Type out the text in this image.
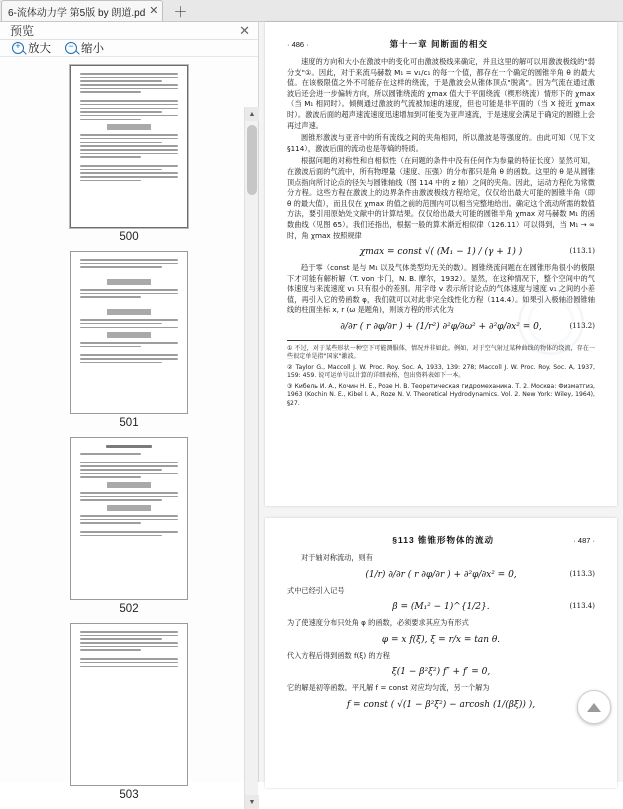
6-流体动力学 第5版 by 朗道.pd ✕ ＋
预览	✕
+ 放大 − 缩小
500
501
502
503
▲
▼
· 486 ·	第十一章 间断面的相交

速度的方向和大小在激波中的变化可由激波极线来确定，并且这里的解可以用激波极线的"弱分支"①。因此，对于来流马赫数 M₁ = v₁/c₁ 的每一个值，都存在一个确定的圆锥半角 θ 的最大值。在该极限值之外不可能存在这样的绕流，于是激波会从锥体顶点"脱离"。因为气流在通过激波后还会进一步偏转方向，所以圆锥绕流的 χmax 值大于平面绕流（楔形绕流）情形下的 χmax（当 M₁ 相同时）。倾侧通过激波的气流被加速的速度，但也可能是非平面的（当 X 接近 χmax 时）。激波后面的超声速流速度迅速增加到可能变为亚声速流，于是速度会满足于确定的圆锥上会再过声速。

圆锥形激波与亚音中的所有流线之间的夹角相同，所以激波是等强度的。由此可知（见下文 §114），激波后面的流动也是等熵的特质。

根据问题的对称性和自相似性（在问题的条件中没有任何作为参量的特征长度）显然可知，在激波后面的气流中，所有物理量（速度、压强）的分布都只是角 θ 的函数。这里的 θ 是从圆锥顶点指向所讨论点的径矢与圆锥轴线（图 114 中的 z 轴）之间的夹角。因此，运动方程化为常微分方程。这些方程在激波上的边界条件由激波极线方程给定，仅仅给出最大可能的圆锥半角（即 θ 的最大值），而且仅在 χmax 的值之前的范围内可以相当完整地给出。确定这个流动所需的数值方法，要引用原始处文献中的计算结果。仅仅给出最大可能的圆锥半角 χmax 对马赫数 M₁ 的函数曲线（见图 65）。我们还指出，根据一般的算术渐近相似律（126.11）可以得到，当 M₁ → ∞ 时，角 χmax 按照规律

χmax = const √( (M₁ − 1) / (γ + 1) )	(113.1)

趋于零（const 是与 M₁ 以及气体类型均无关的数）。圆锥绕流问题在在圆锥形角很小的极限下才可能有解析解（T. von 卡门，N. B. 摩尔，1932）。显然，在这种情况下，整个空间中的气体速度与来流速度 v₁ 只有很小的差别。用字母 v 表示所讨论点的气体速度与速度 v₁ 之间的小差值，再引入它的势函数 φ，我们就可以对此非完全线性化方程（114.4）。如果引入极轴沿圆锥轴线的柱面坐标 x, r (ω 是题角)，则该方程的形式化为

∂/∂r ( r ∂φ/∂r ) + (1/r²) ∂²φ/∂ω² + ∂²φ/∂x² = 0,	(113.2)

① 不过，对于某些形状一种空下可能测服体，情况并非如此。例如，对于空气射过某种曲线的物体的绕流，存在一些很定单是指"国家"激波。

② Taylor G., Maccoll J. W. Proc. Roy. Soc. A, 1933, 139: 278; Maccoll J. W. Proc. Roy. Soc. A, 1937, 159: 459. 说可运单号以计算的详细表格，包出资料表如下一本。

③ Кибель И. А., Кочин Н. Е., Розе Н. В. Теоретическая гидромеханика. Т. 2. Москва: Физматгиз, 1963 (Kochin N. E., Kibel I. A., Roze N. V. Theoretical Hydrodynamics. Vol. 2. New York: Wiley, 1964), §27.

§113 锥锥形物体的流动	· 487 ·

对于轴对称流动，则有

(1/r) ∂/∂r ( r ∂φ/∂r ) + ∂²φ/∂x² = 0,	(113.3)

式中已经引入记号

β = (M₁² − 1)^{1/2}.	(113.4)

为了使速度分布只处角 φ 的函数，必须要求其应为有形式

φ = x f(ξ), ξ = r/x = tan θ.

代入方程后得到函数 f(ξ) 的方程

ξ(1 − β²ξ²) f″ + f′ = 0,

它的解是初等函数。平凡解 f = const 对应均匀流，另一个解为

f = const ( √(1 − β²ξ²) − arcosh (1/(βξ)) ),
